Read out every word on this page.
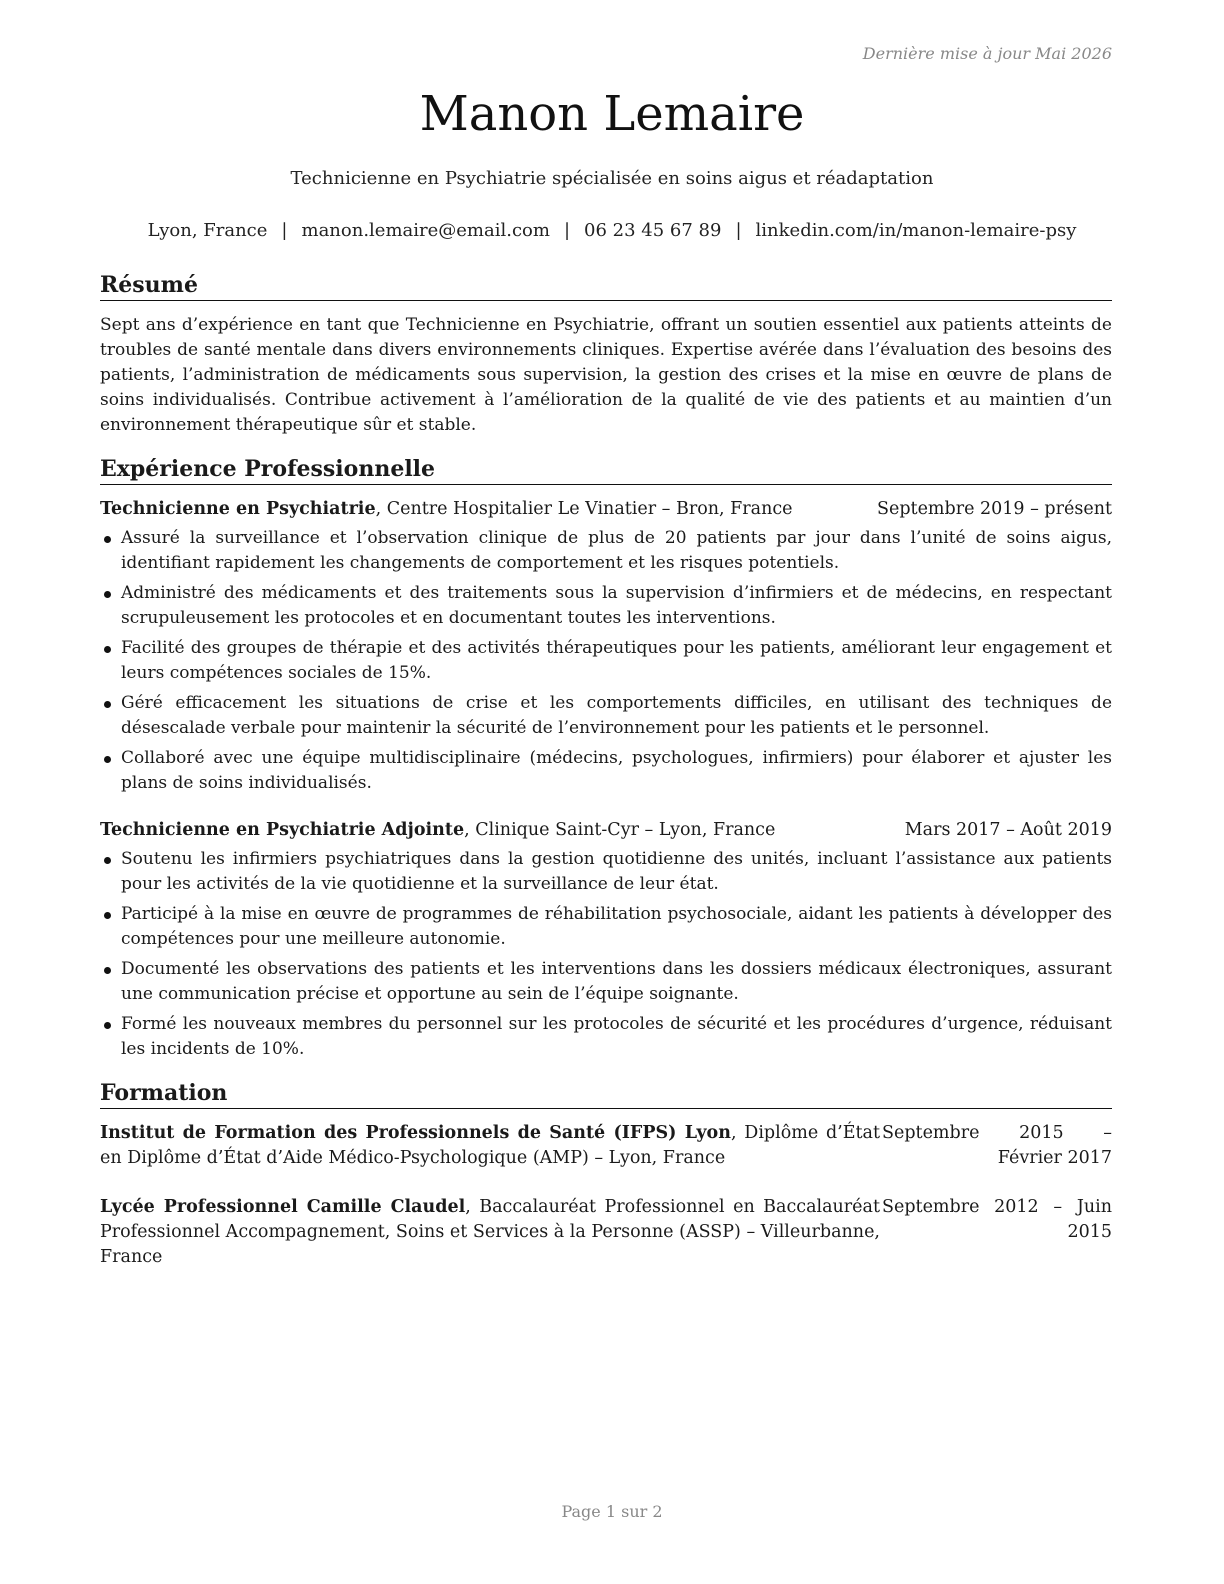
Dernière mise à jour Mai 2026
Manon Lemaire
Technicienne en Psychiatrie spécialisée en soins aigus et réadaptation
Lyon, France | manon.lemaire@email.com | 06 23 45 67 89 | linkedin.com/in/manon-lemaire-psy
Résumé

Sept ans d’expérience en tant que Technicienne en Psychiatrie, offrant un soutien essentiel aux patients atteints de troubles de santé mentale dans divers environnements cliniques. Expertise avérée dans l’évaluation des besoins des patients, l’administration de médicaments sous supervision, la gestion des crises et la mise en œuvre de plans de soins individualisés. Contribue activement à l’amélioration de la qualité de vie des patients et au maintien d’un environnement thérapeutique sûr et stable.

Expérience Professionnelle
Technicienne en Psychiatrie, Centre Hospitalier Le Vinatier – Bron, France	Septembre 2019 – présent
Assuré la surveillance et l’observation clinique de plus de 20 patients par jour dans l’unité de soins aigus, identifiant rapidement les changements de comportement et les risques potentiels.
Administré des médicaments et des traitements sous la supervision d’infirmiers et de médecins, en respectant scrupuleusement les protocoles et en documentant toutes les interventions.
Facilité des groupes de thérapie et des activités thérapeutiques pour les patients, améliorant leur engagement et leurs compétences sociales de 15%.
Géré efficacement les situations de crise et les comportements difficiles, en utilisant des techniques de désescalade verbale pour maintenir la sécurité de l’environnement pour les patients et le personnel.
Collaboré avec une équipe multidisciplinaire (médecins, psychologues, infirmiers) pour élaborer et ajuster les plans de soins individualisés.
Technicienne en Psychiatrie Adjointe, Clinique Saint-Cyr – Lyon, France	Mars 2017 – Août 2019
Soutenu les infirmiers psychiatriques dans la gestion quotidienne des unités, incluant l’assistance aux patients pour les activités de la vie quotidienne et la surveillance de leur état.
Participé à la mise en œuvre de programmes de réhabilitation psychosociale, aidant les patients à développer des compétences pour une meilleure autonomie.
Documenté les observations des patients et les interventions dans les dossiers médicaux électroniques, assurant une communication précise et opportune au sein de l’équipe soignante.
Formé les nouveaux membres du personnel sur les protocoles de sécurité et les procédures d’urgence, réduisant les incidents de 10%.
Formation
Institut de Formation des Professionnels de Santé (IFPS) Lyon, Diplôme d’État en Diplôme d’État d’Aide Médico-Psychologique (AMP) – Lyon, France
Septembre 2015 – Février 2017
Lycée Professionnel Camille Claudel, Baccalauréat Professionnel en Baccalauréat Professionnel Accompagnement, Soins et Services à la Personne (ASSP) – Villeurbanne, France
Septembre 2012 – Juin 2015
Page 1 sur 2
